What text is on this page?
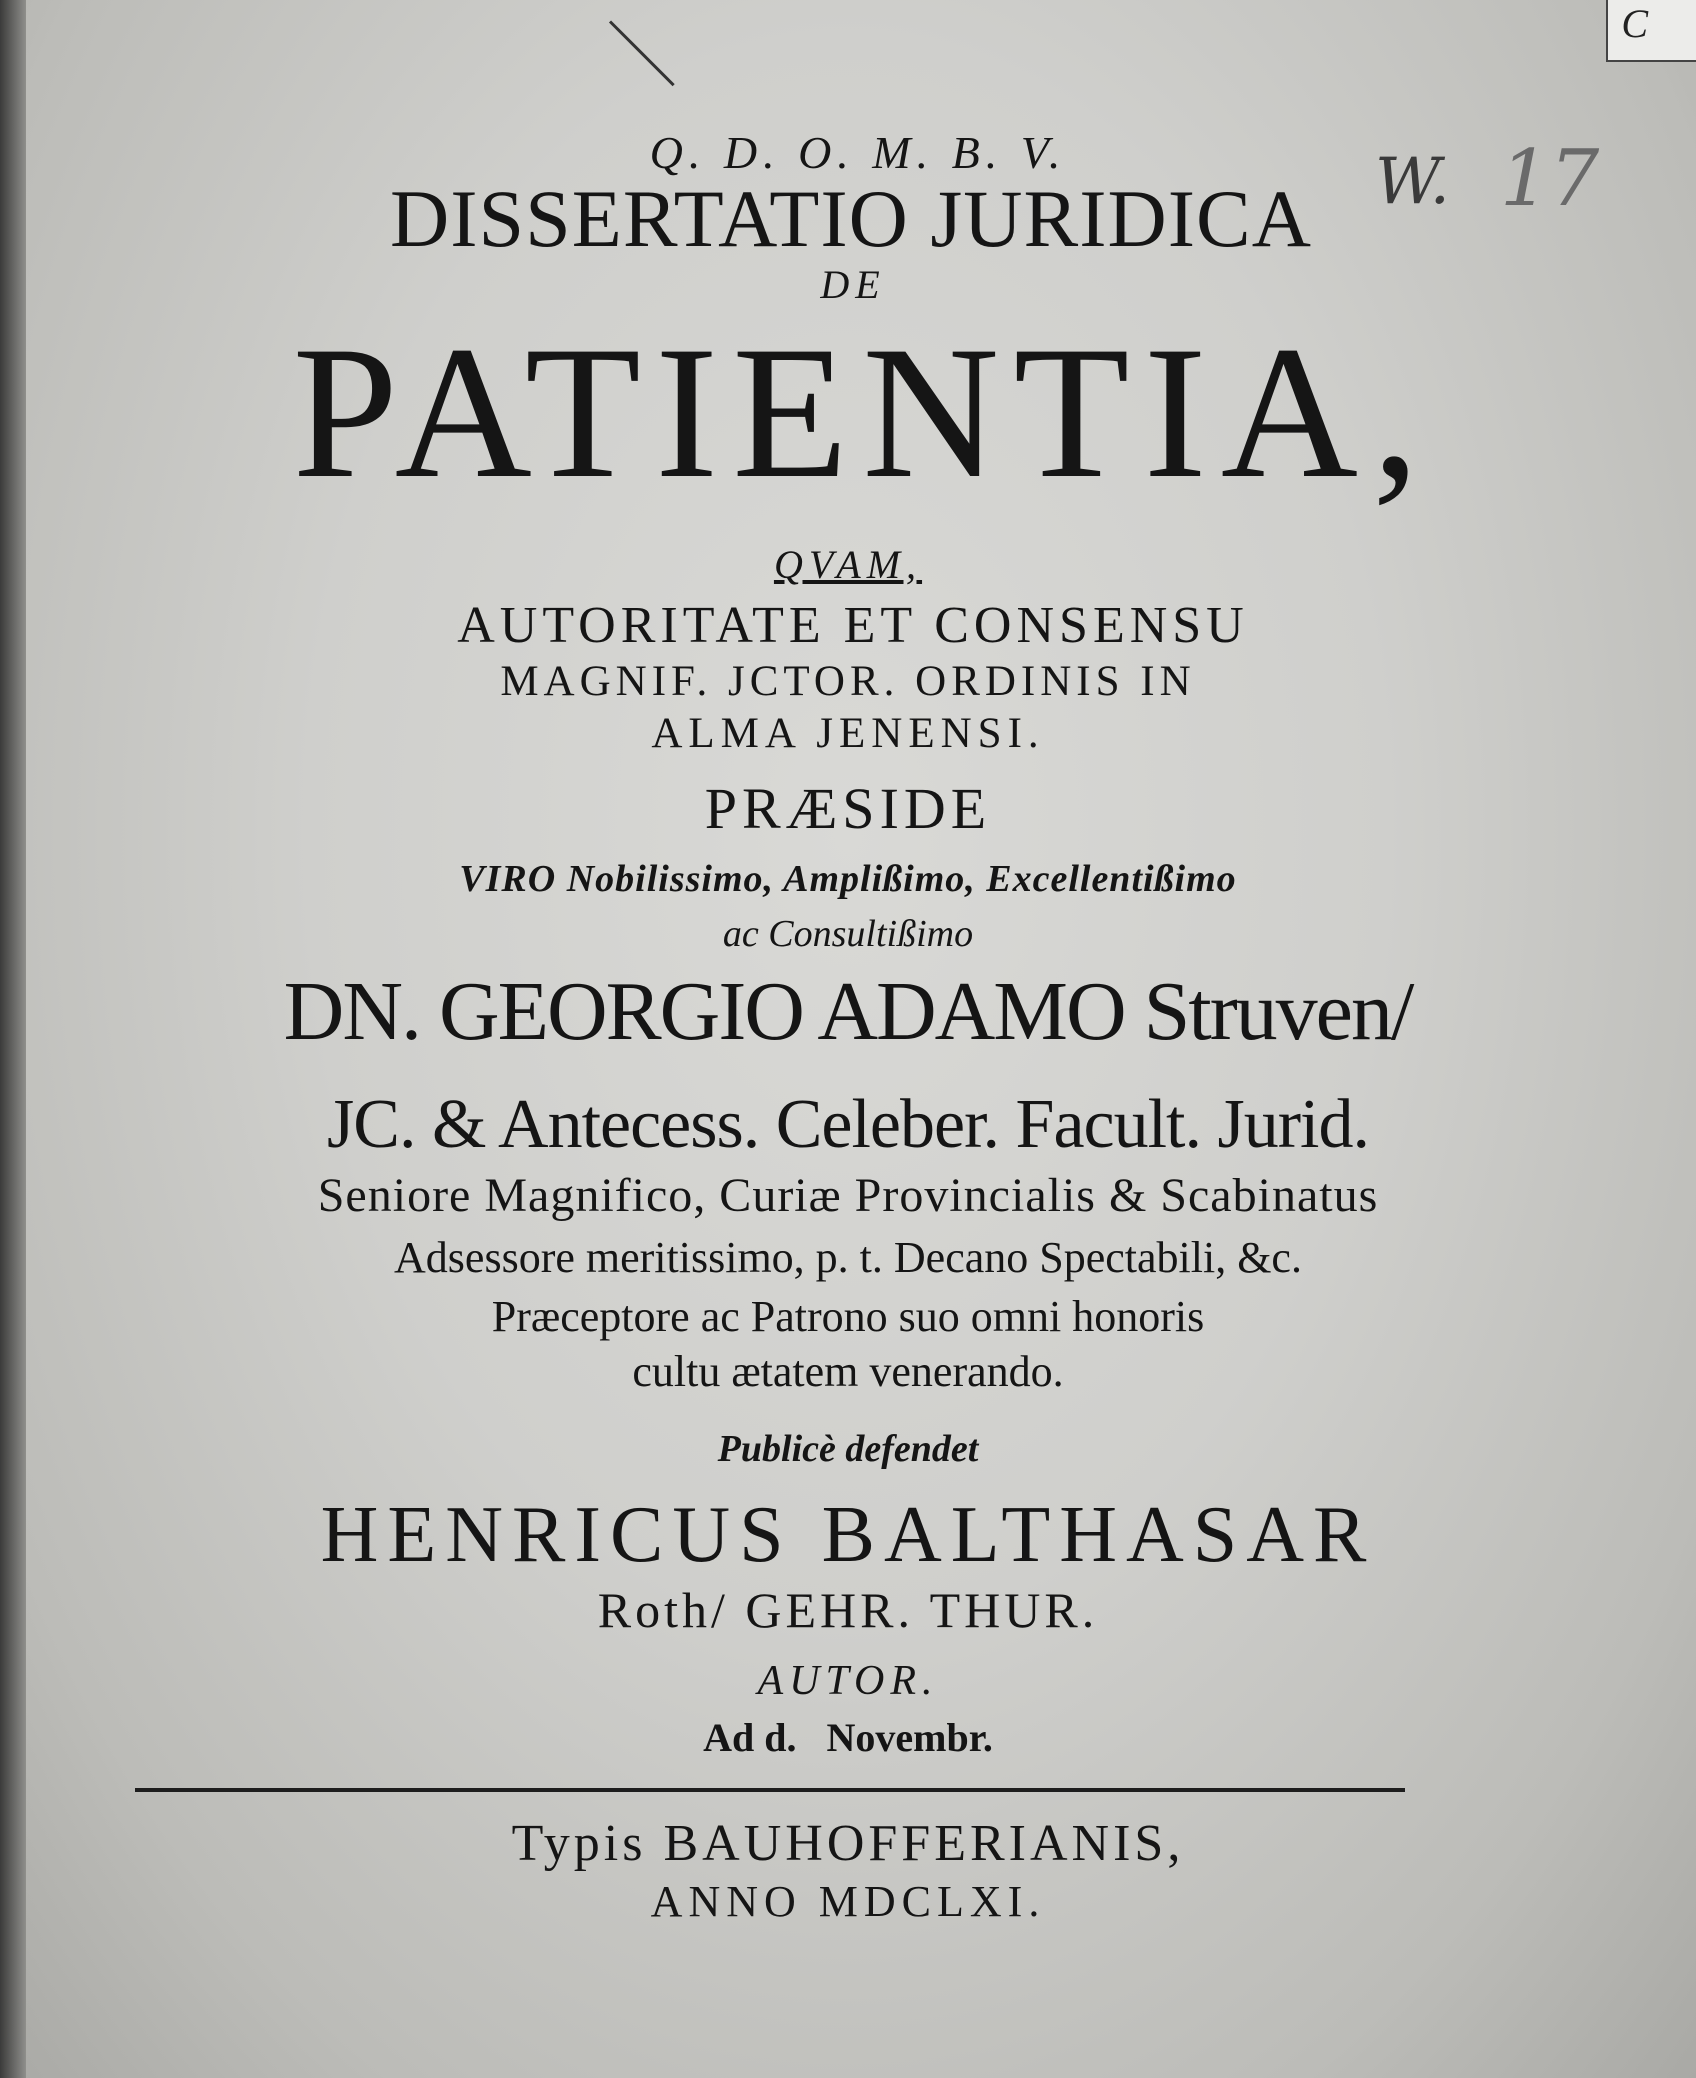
C
W. 17
Q. D. O. M. B. V.
DISSERTATIO JURIDICA
DE
PATIENTIA,
QVAM,
AUTORITATE ET CONSENSU
MAGNIF. JCTOR. ORDINIS IN
ALMA JENENSI.
PRÆSIDE
VIRO Nobilissimo, Amplißimo, Excellentißimo
ac Consultißimo
DN. GEORGIO ADAMO Struven/
JC. & Antecess. Celeber. Facult. Jurid.
Seniore Magnifico, Curiæ Provincialis & Scabinatus
Adsessore meritissimo, p. t. Decano Spectabili, &c.
Præceptore ac Patrono suo omni honoris
cultu ætatem venerando.
Publicè defendet
HENRICUS BALTHASAR
Roth/ GEHR. THUR.
AUTOR.
Ad d.   Novembr.
Typis BAUHOFFERIANIS,
ANNO MDCLXI.
